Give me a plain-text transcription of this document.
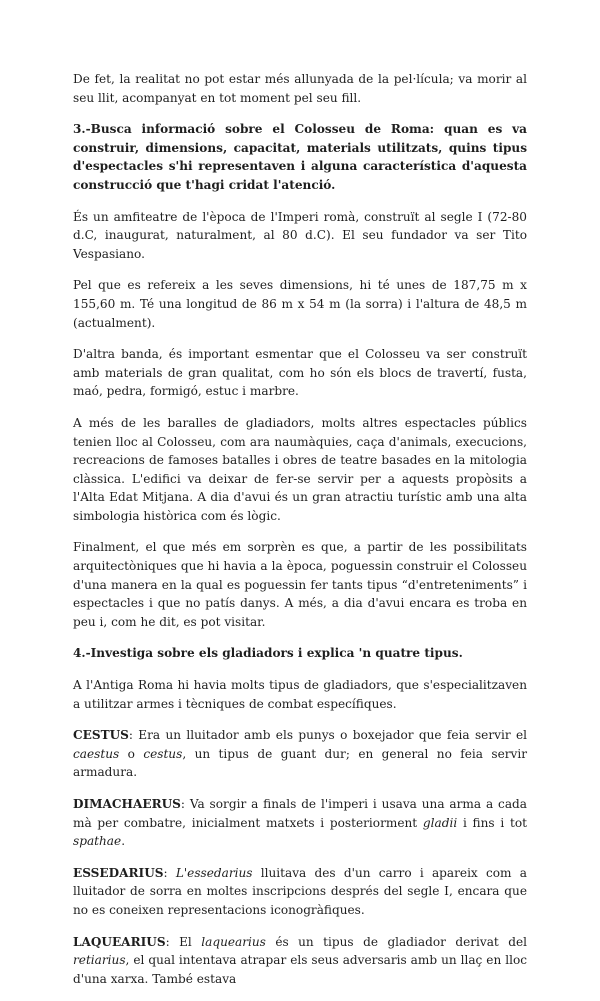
De fet, la realitat no pot estar més allunyada de la pel·lícula; va morir al seu llit, acompanyat en tot moment pel seu fill.

3.-Busca informació sobre el Colosseu de Roma: quan es va construir, dimensions, capacitat, materials utilitzats, quins tipus d'espectacles s'hi representaven i alguna característica d'aquesta construcció que t'hagi cridat l'atenció.

És un amfiteatre de l'època de l'Imperi romà, construït al segle I (72-80 d.C, inaugurat, naturalment, al 80 d.C). El seu fundador va ser Tito Vespasiano.

Pel que es refereix a les seves dimensions, hi té unes de 187,75 m x 155,60 m. Té una longitud de 86 m x 54 m (la sorra) i l'altura de 48,5 m (actualment).

D'altra banda, és important esmentar que el Colosseu va ser construït amb materials de gran qualitat, com ho són els blocs de travertí, fusta, maó, pedra, formigó, estuc i marbre.

A més de les baralles de gladiadors, molts altres espectacles públics tenien lloc al Colosseu, com ara naumàquies, caça d'animals, execucions, recreacions de famoses batalles i obres de teatre basades en la mitologia clàssica. L'edifici va deixar de fer-se servir per a aquests propòsits a l'Alta Edat Mitjana. A dia d'avui és un gran atractiu turístic amb una alta simbologia històrica com és lògic.

Finalment, el que més em sorprèn es que, a partir de les possibilitats arquitectòniques que hi havia a la època, poguessin construir el Colosseu d'una manera en la qual es poguessin fer tants tipus “d'entreteniments” i espectacles i que no patís danys. A més, a dia d'avui encara es troba en peu i, com he dit, es pot visitar.

4.-Investiga sobre els gladiadors i explica 'n quatre tipus.

A l'Antiga Roma hi havia molts tipus de gladiadors, que s'especialitzaven a utilitzar armes i tècniques de combat específiques.

CESTUS: Era un lluitador amb els punys o boxejador que feia servir el caestus o cestus, un tipus de guant dur; en general no feia servir armadura.

DIMACHAERUS: Va sorgir a finals de l'imperi i usava una arma a cada mà per combatre, inicialment matxets i posteriorment gladii i fins i tot spathae.

ESSEDARIUS: L'essedarius lluitava des d'un carro i apareix com a lluitador de sorra en moltes inscripcions després del segle I, encara que no es coneixen representacions iconogràfiques.

LAQUEARIUS: El laquearius és un tipus de gladiador derivat del retiarius, el qual intentava atrapar els seus adversaris amb un llaç en lloc d'una xarxa. També estava
